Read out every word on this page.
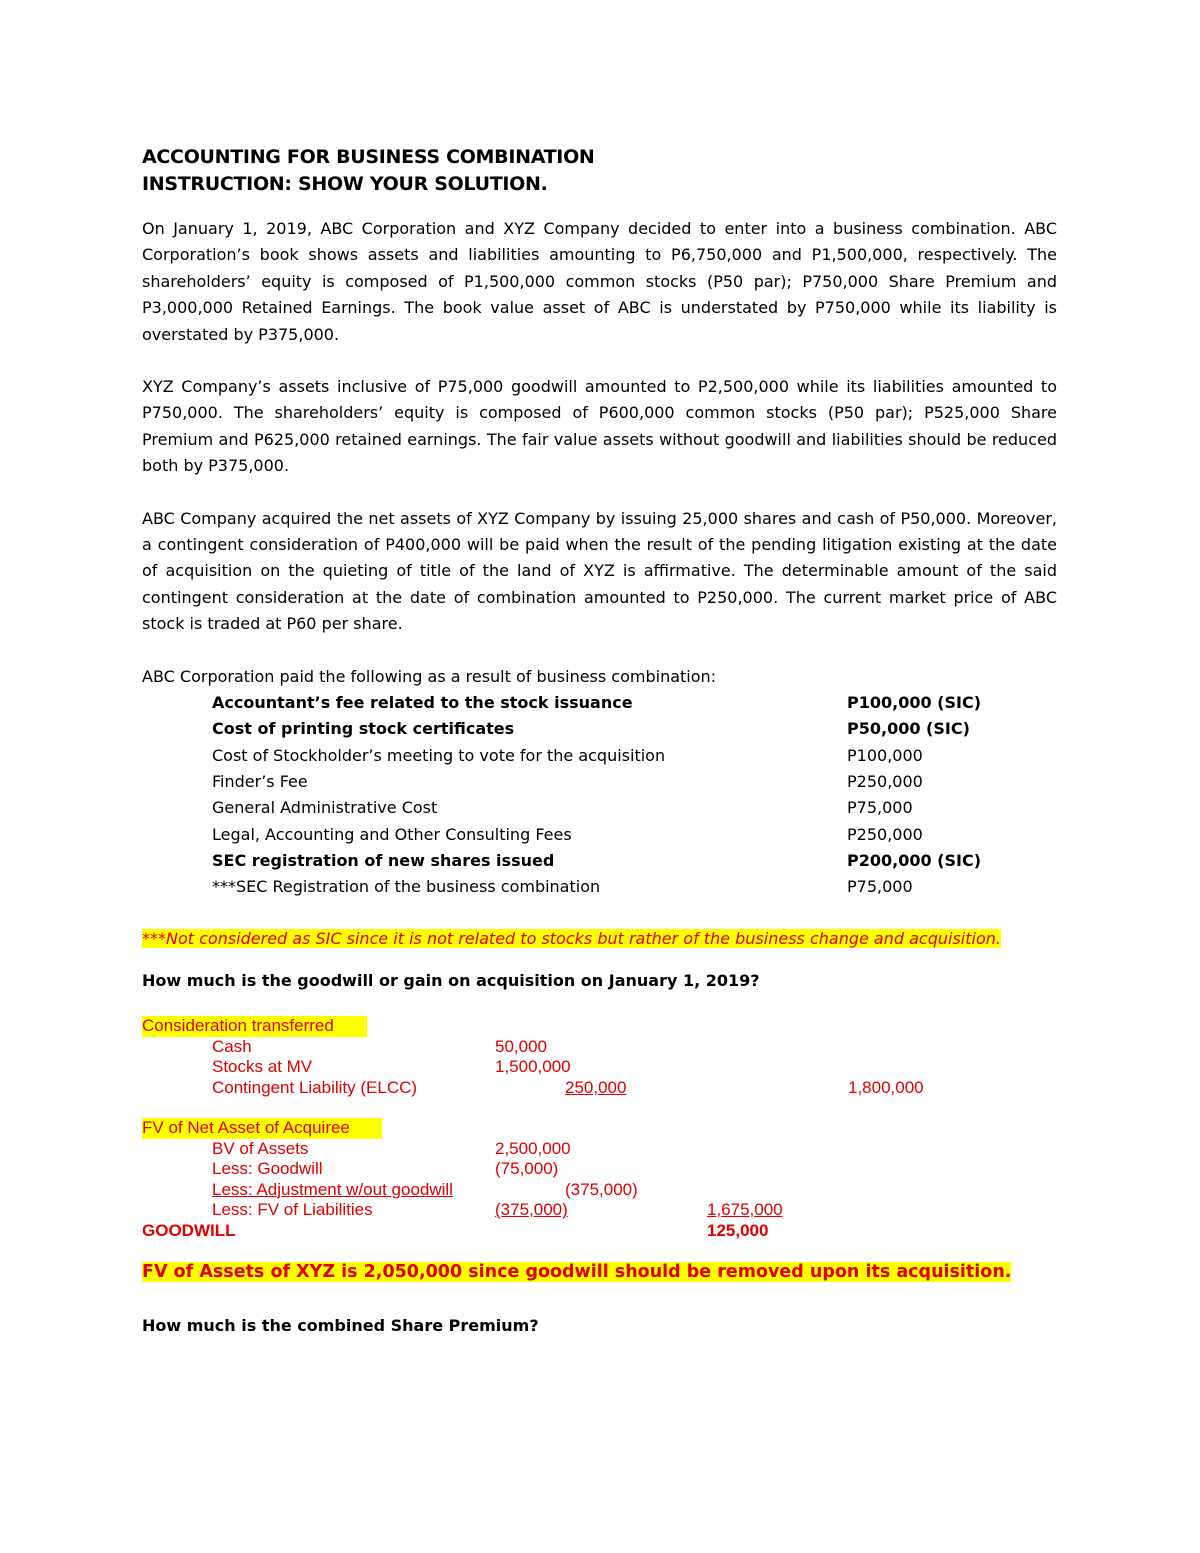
ACCOUNTING FOR BUSINESS COMBINATION
INSTRUCTION: SHOW YOUR SOLUTION.

On January 1, 2019, ABC Corporation and XYZ Company decided to enter into a business combination. ABC Corporation’s book shows assets and liabilities amounting to P6,750,000 and P1,500,000, respectively. The shareholders’ equity is composed of P1,500,000 common stocks (P50 par); P750,000 Share Premium and P3,000,000 Retained Earnings. The book value asset of ABC is understated by P750,000 while its liability is overstated by P375,000.

XYZ Company’s assets inclusive of P75,000 goodwill amounted to P2,500,000 while its liabilities amounted to P750,000. The shareholders’ equity is composed of P600,000 common stocks (P50 par); P525,000 Share Premium and P625,000 retained earnings. The fair value assets without goodwill and liabilities should be reduced both by P375,000.

ABC Company acquired the net assets of XYZ Company by issuing 25,000 shares and cash of P50,000. Moreover, a contingent consideration of P400,000 will be paid when the result of the pending litigation existing at the date of acquisition on the quieting of title of the land of XYZ is affirmative. The determinable amount of the said contingent consideration at the date of combination amounted to P250,000. The current market price of ABC stock is traded at P60 per share.

ABC Corporation paid the following as a result of business combination:

Accountant’s fee related to the stock issuance	P100,000 (SIC)
Cost of printing stock certificates	P50,000 (SIC)
Cost of Stockholder’s meeting to vote for the acquisition	P100,000
Finder’s Fee	P250,000
General Administrative Cost	P75,000
Legal, Accounting and Other Consulting Fees	P250,000
SEC registration of new shares issued	P200,000 (SIC)
***SEC Registration of the business combination	P75,000
***Not considered as SIC since it is not related to stocks but rather of the business change and acquisition.
How much is the goodwill or gain on acquisition on January 1, 2019?
Consideration transferred
Cash	50,000
Stocks at MV	1,500,000
Contingent Liability (ELCC)	250,000	1,800,000
FV of Net Asset of Acquiree
BV of Assets	2,500,000
Less: Goodwill	(75,000)
Less: Adjustment w/out goodwill	(375,000)
Less: FV of Liabilities	(375,000)	1,675,000
GOODWILL	125,000
FV of Assets of XYZ is 2,050,000 since goodwill should be removed upon its acquisition.
How much is the combined Share Premium?
